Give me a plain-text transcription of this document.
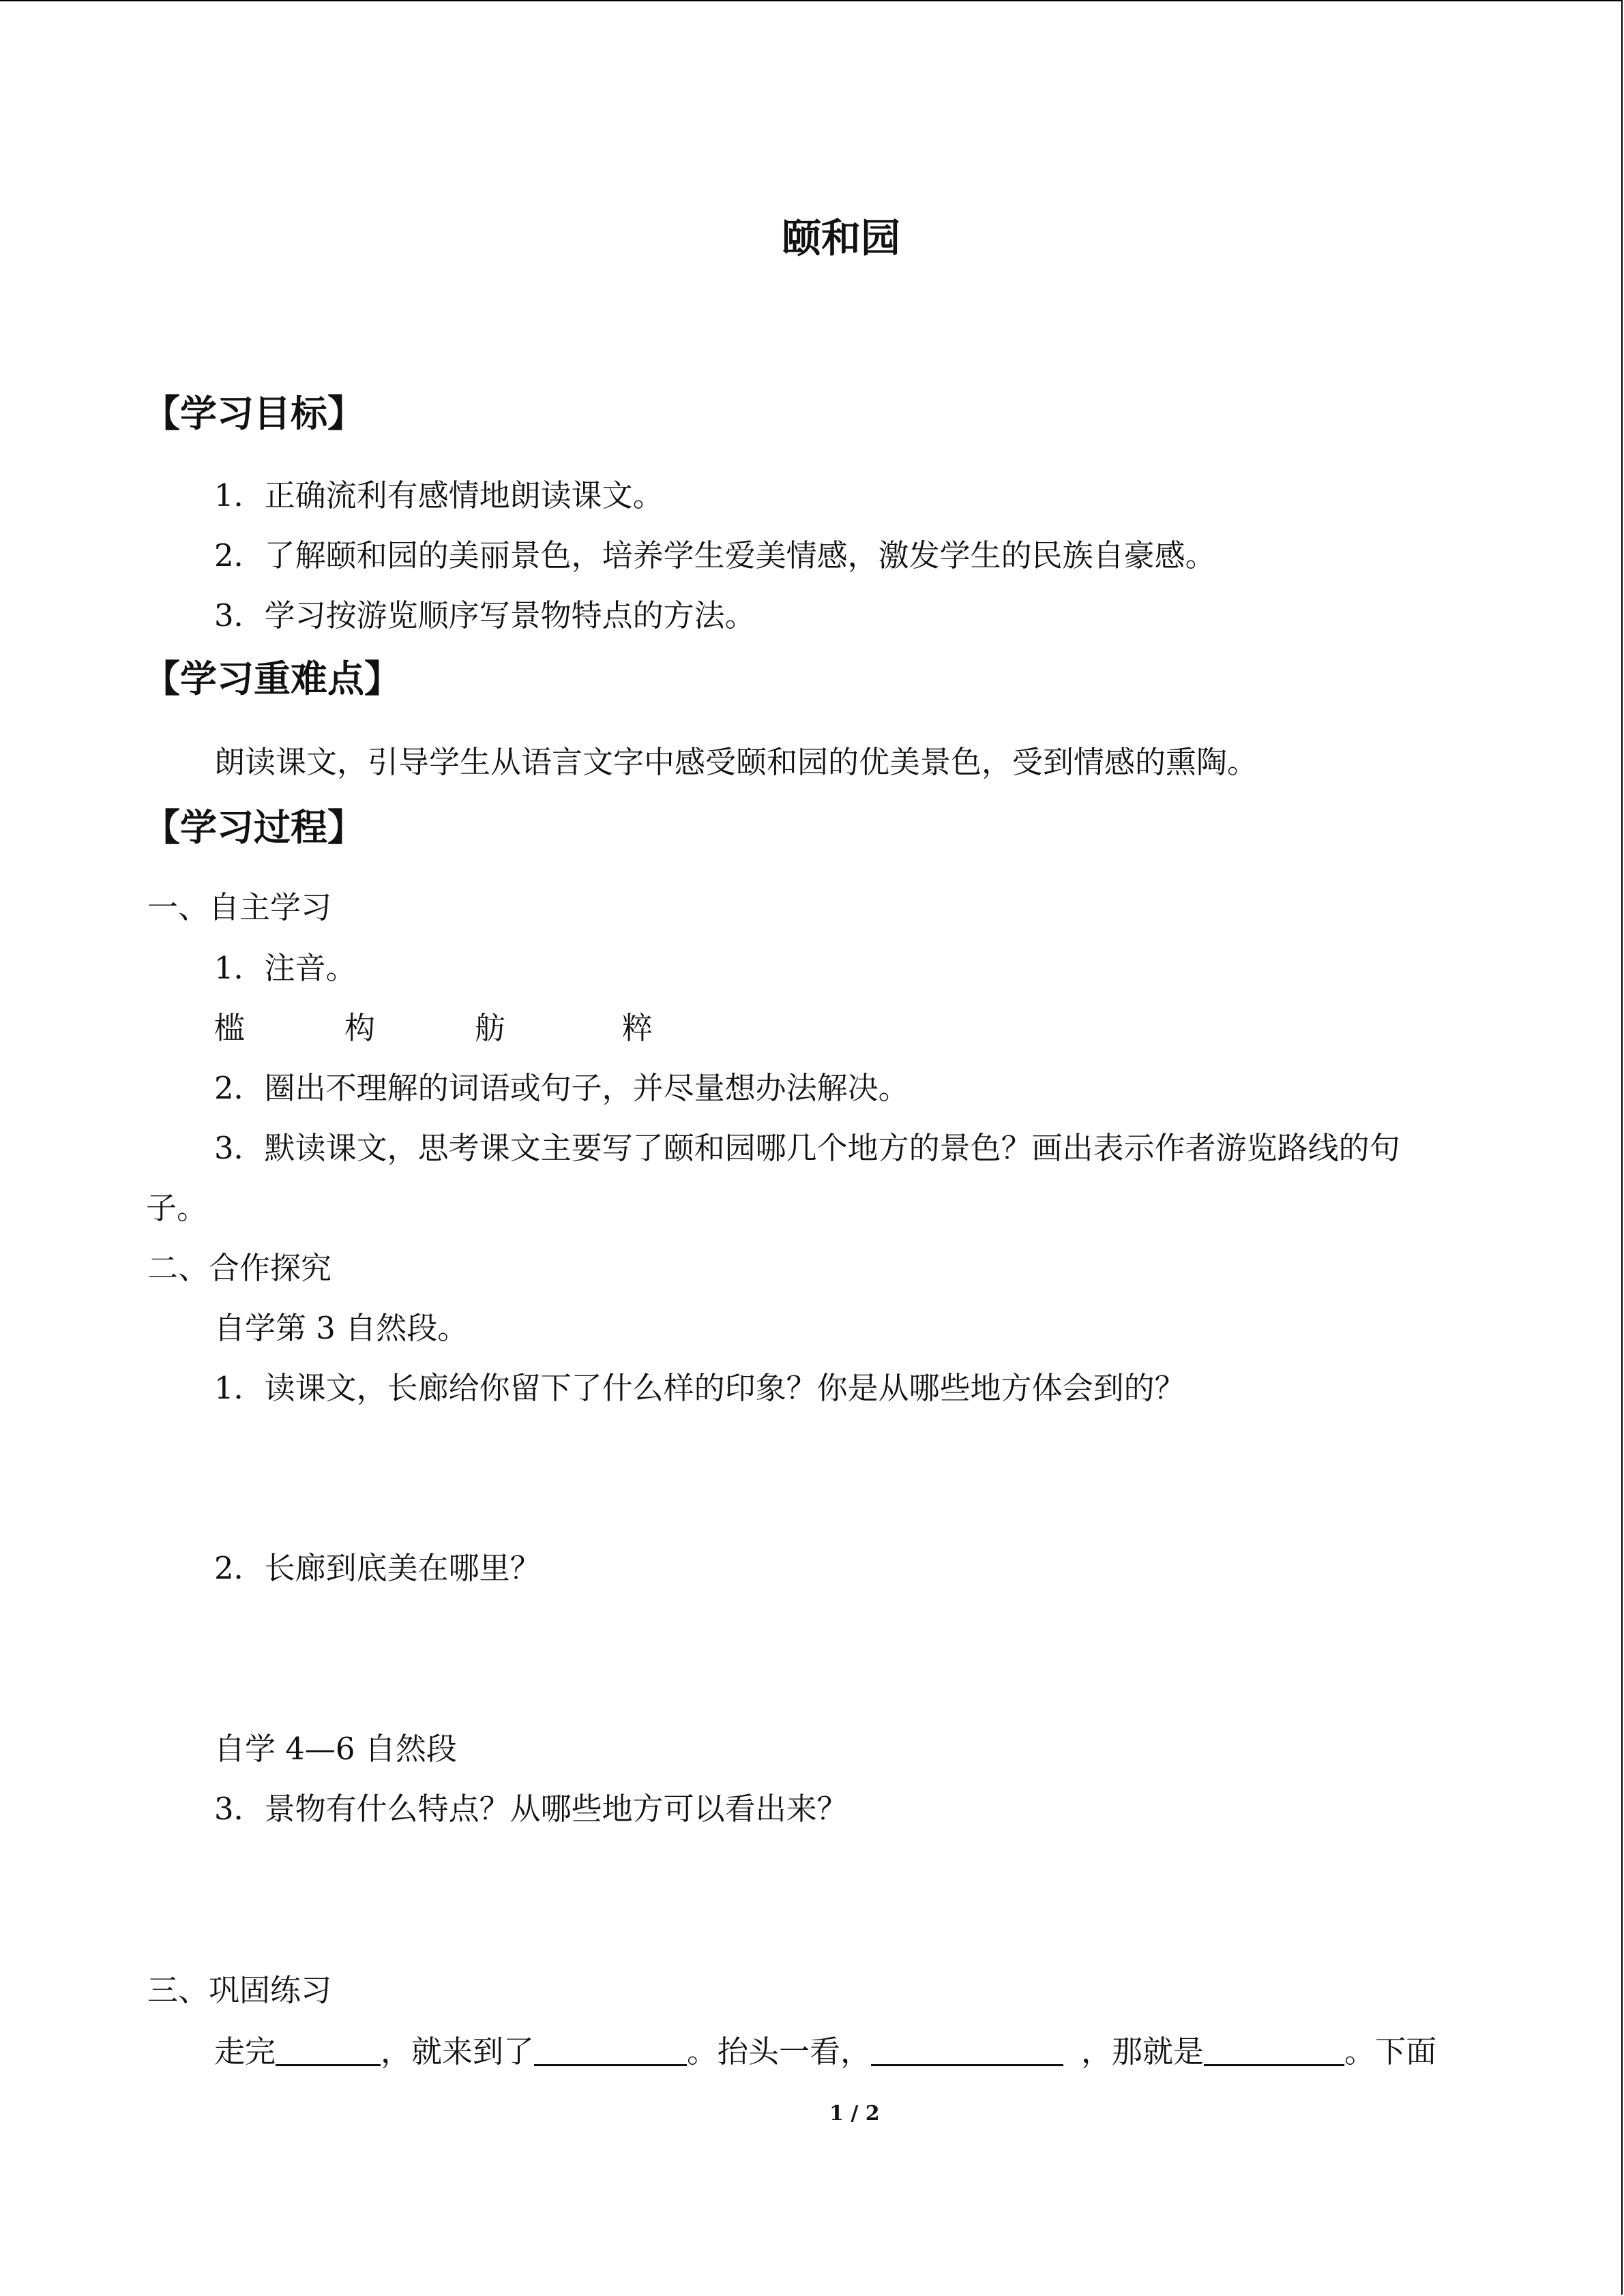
颐和园
【学习目标】
1．正确流利有感情地朗读课文。
2．了解颐和园的美丽景色，培养学生爱美情感，激发学生的民族自豪感。
3．学习按游览顺序写景物特点的方法。
【学习重难点】
朗读课文，引导学生从语言文字中感受颐和园的优美景色，受到情感的熏陶。
【学习过程】
一、自主学习
1．注音。
槛	构	舫	粹
2．圈出不理解的词语或句子，并尽量想办法解决。
3．默读课文，思考课文主要写了颐和园哪几个地方的景色？画出表示作者游览路线的句
子。
二、合作探究
自学第 3 自然段。
1．读课文，长廊给你留下了什么样的印象？你是从哪些地方体会到的？
2．长廊到底美在哪里？
自学 4—6 自然段
3．景物有什么特点？从哪些地方可以看出来？
三、巩固练习
走完	，就来到了	。抬头一看，	，那就是	。下面
1 / 2
